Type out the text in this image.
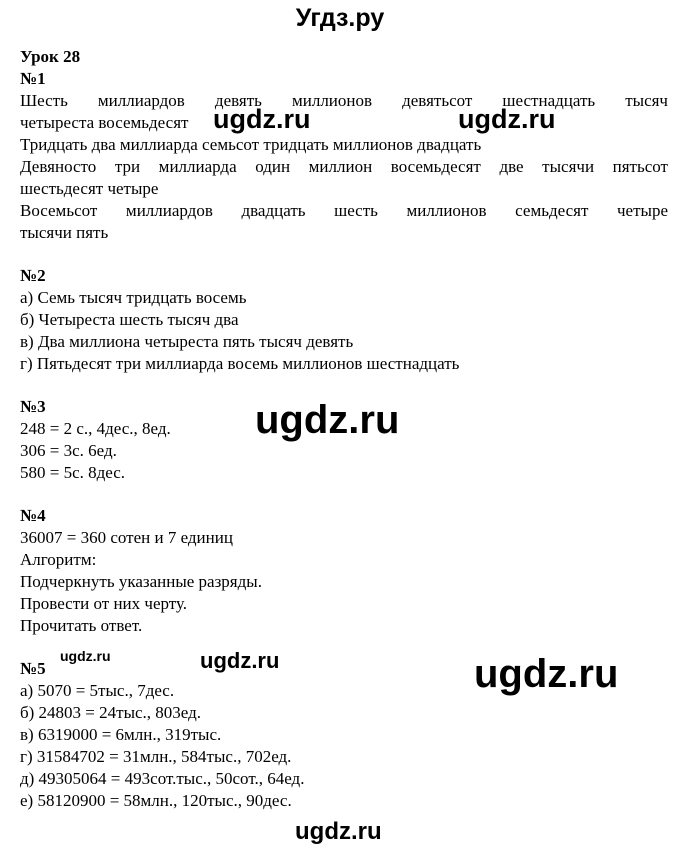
Угдз.ру
Урок 28
№1
Шесть миллиардов девять миллионов девятьсот шестнадцать тысяч
четыреста восемьдесят
Тридцать два миллиарда семьсот тридцать миллионов двадцать
Девяносто три миллиарда один миллион восемьдесят две тысячи пятьсот
шестьдесят четыре
Восемьсот миллиардов двадцать шесть миллионов семьдесят четыре
тысячи пять
№2
а) Семь тысяч тридцать восемь
б) Четыреста шесть тысяч два
в) Два миллиона четыреста пять тысяч девять
г) Пятьдесят три миллиарда восемь миллионов шестнадцать
№3
248 = 2 с., 4дес., 8ед.
306 = 3с. 6ед.
580 = 5с. 8дес.
№4
36007 = 360 сотен и 7 единиц
Алгоритм:
Подчеркнуть указанные разряды.
Провести от них черту.
Прочитать ответ.
№5
а) 5070 = 5тыс., 7дес.
б) 24803 = 24тыс., 803ед.
в) 6319000 = 6млн., 319тыс.
г) 31584702 = 31млн., 584тыс., 702ед.
д) 49305064 = 493сот.тыс., 50сот., 64ед.
е) 58120900 = 58млн., 120тыс., 90дес.
ugdz.ru	ugdz.ru
ugdz.ru
ugdz.ru	ugdz.ru	ugdz.ru
ugdz.ru
